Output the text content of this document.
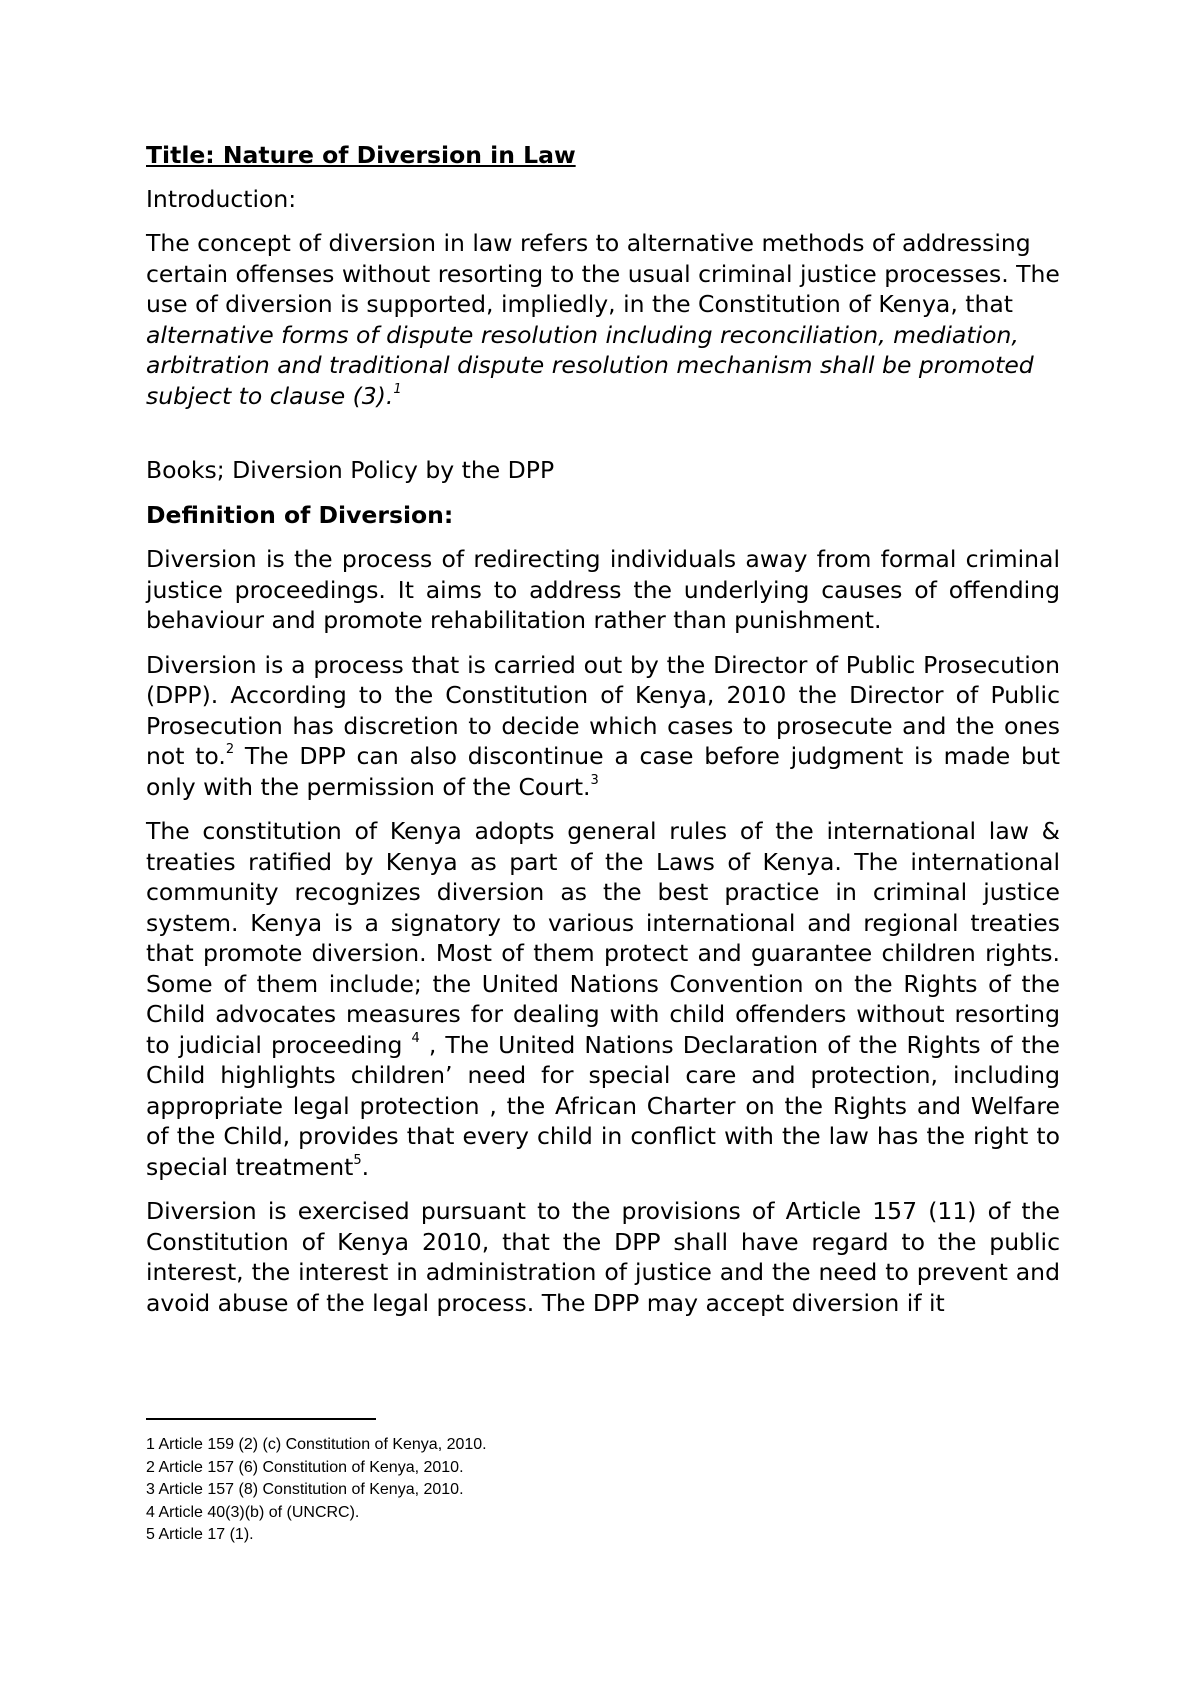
Title: Nature of Diversion in Law
Introduction:
The concept of diversion in law refers to alternative methods of addressing certain offenses without resorting to the usual criminal justice processes. The use of diversion is supported, impliedly, in the Constitution of Kenya, that alternative forms of dispute resolution including reconciliation, mediation, arbitration and traditional dispute resolution mechanism shall be promoted subject to clause (3).$^1$
Books; Diversion Policy by the DPP
Definition of Diversion:
Diversion is the process of redirecting individuals away from formal criminal justice proceedings. It aims to address the underlying causes of offending behaviour and promote rehabilitation rather than punishment.
Diversion is a process that is carried out by the Director of Public Prosecution (DPP). According to the Constitution of Kenya, 2010 the Director of Public Prosecution has discretion to decide which cases to prosecute and the ones not to.$^2$ The DPP can also discontinue a case before judgment is made but only with the permission of the Court.$^3$
The constitution of Kenya adopts general rules of the international law & treaties ratified by Kenya as part of the Laws of Kenya. The international community recognizes diversion as the best practice in criminal justice system. Kenya is a signatory to various international and regional treaties that promote diversion. Most of them protect and guarantee children rights. Some of them include; the United Nations Convention on the Rights of the Child advocates measures for dealing with child offenders without resorting to judicial proceeding $^4$ , The United Nations Declaration of the Rights of the Child highlights children’ need for special care and protection, including appropriate legal protection , the African Charter on the Rights and Welfare of the Child, provides that every child in conflict with the law has the right to special treatment$^5$.
Diversion is exercised pursuant to the provisions of Article 157 (11) of the Constitution of Kenya 2010, that the DPP shall have regard to the public interest, the interest in administration of justice and the need to prevent and avoid abuse of the legal process. The DPP may accept diversion if it
1 Article 159 (2) (c) Constitution of Kenya, 2010.
2 Article 157 (6) Constitution of Kenya, 2010.
3 Article 157 (8) Constitution of Kenya, 2010.
4 Article 40(3)(b) of (UNCRC).
5 Article 17 (1).
